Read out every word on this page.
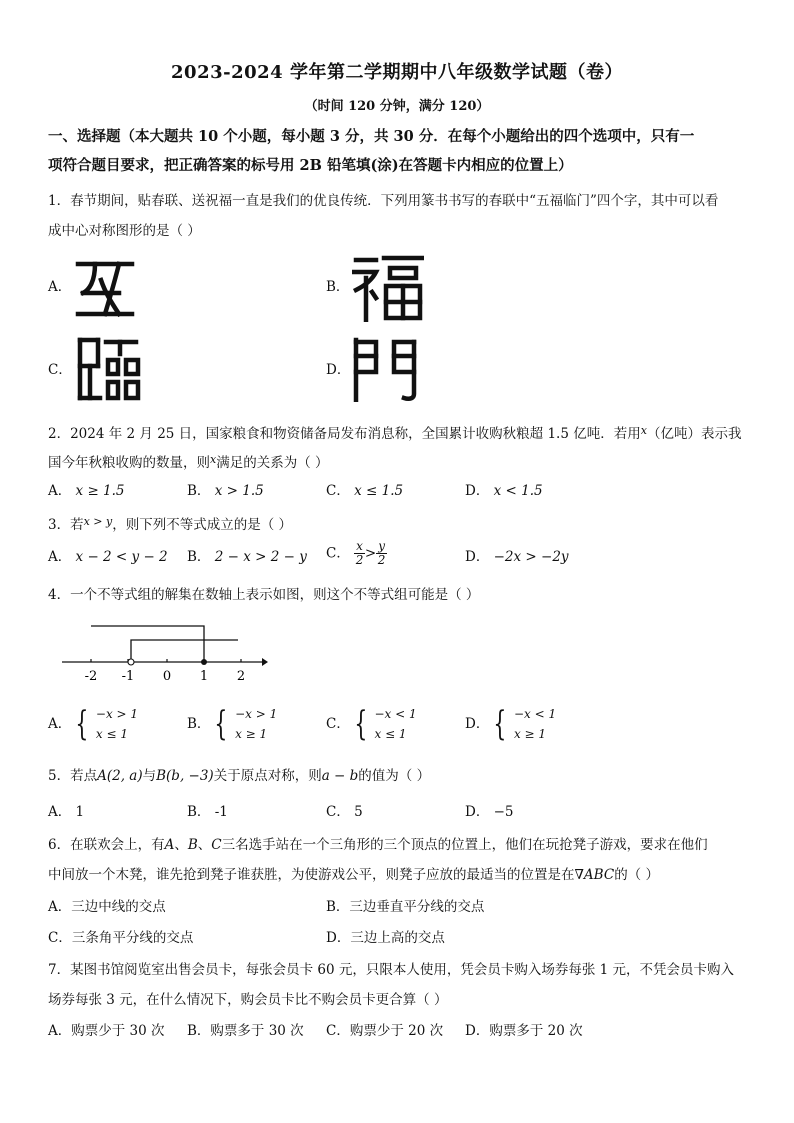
2023-2024 学年第二学期期中八年级数学试题（卷）
（时间 120 分钟，满分 120）
一、选择题（本大题共 10 个小题，每小题 3 分，共 30 分．在每个小题给出的四个选项中，只有一
项符合题目要求，把正确答案的标号用 2B 铅笔填(涂)在答题卡内相应的位置上）
1．春节期间，贴春联、送祝福一直是我们的优良传统．下列用篆书书写的春联中“五福临门”四个字，其中可以看
成中心对称图形的是（ ）
A．	B．
C．	D．
2．2024 年 2 月 25 日，国家粮食和物资储备局发布消息称，全国累计收购秋粮超 1.5 亿吨．若用$^x$（亿吨）表示我
国今年秋粮收购的数量，则$^x$满足的关系为（ ）
A． x ≥ 1.5	B． x > 1.5	C． x ≤ 1.5	D． x < 1.5
3．若$^{x > y}$，则下列不等式成立的是（ ）
A． x − 2 < y − 2 B． 2 − x > 2 − y C． $\frac{x}{2} > \frac{y}{2}$	D． −2x > −2y
4．一个不等式组的解集在数轴上表示如图，则这个不等式组可能是（ ）
-2 -1 0 1 2
A． { −x > 1
x ≤ 1
B． { −x > 1
x ≥ 1
C． { −x < 1
x ≤ 1
D． { −x < 1
x ≥ 1
5．若点A(2, a)与B(b, −3)关于原点对称，则a − b的值为（ ）
A． 1	B． -1	C． 5	D． −5
6．在联欢会上，有A、B、C三名选手站在一个三角形的三个顶点的位置上，他们在玩抢凳子游戏，要求在他们
中间放一个木凳，谁先抢到凳子谁获胜，为使游戏公平，则凳子应放的最适当的位置是在∇ABC的（ ）
A．三边中线的交点	B．三边垂直平分线的交点
C．三条角平分线的交点	D．三边上高的交点
7．某图书馆阅览室出售会员卡，每张会员卡 60 元，只限本人使用，凭会员卡购入场券每张 1 元，不凭会员卡购入
场券每张 3 元，在什么情况下，购会员卡比不购会员卡更合算（ ）
A．购票少于 30 次 B．购票多于 30 次 C．购票少于 20 次 D．购票多于 20 次
